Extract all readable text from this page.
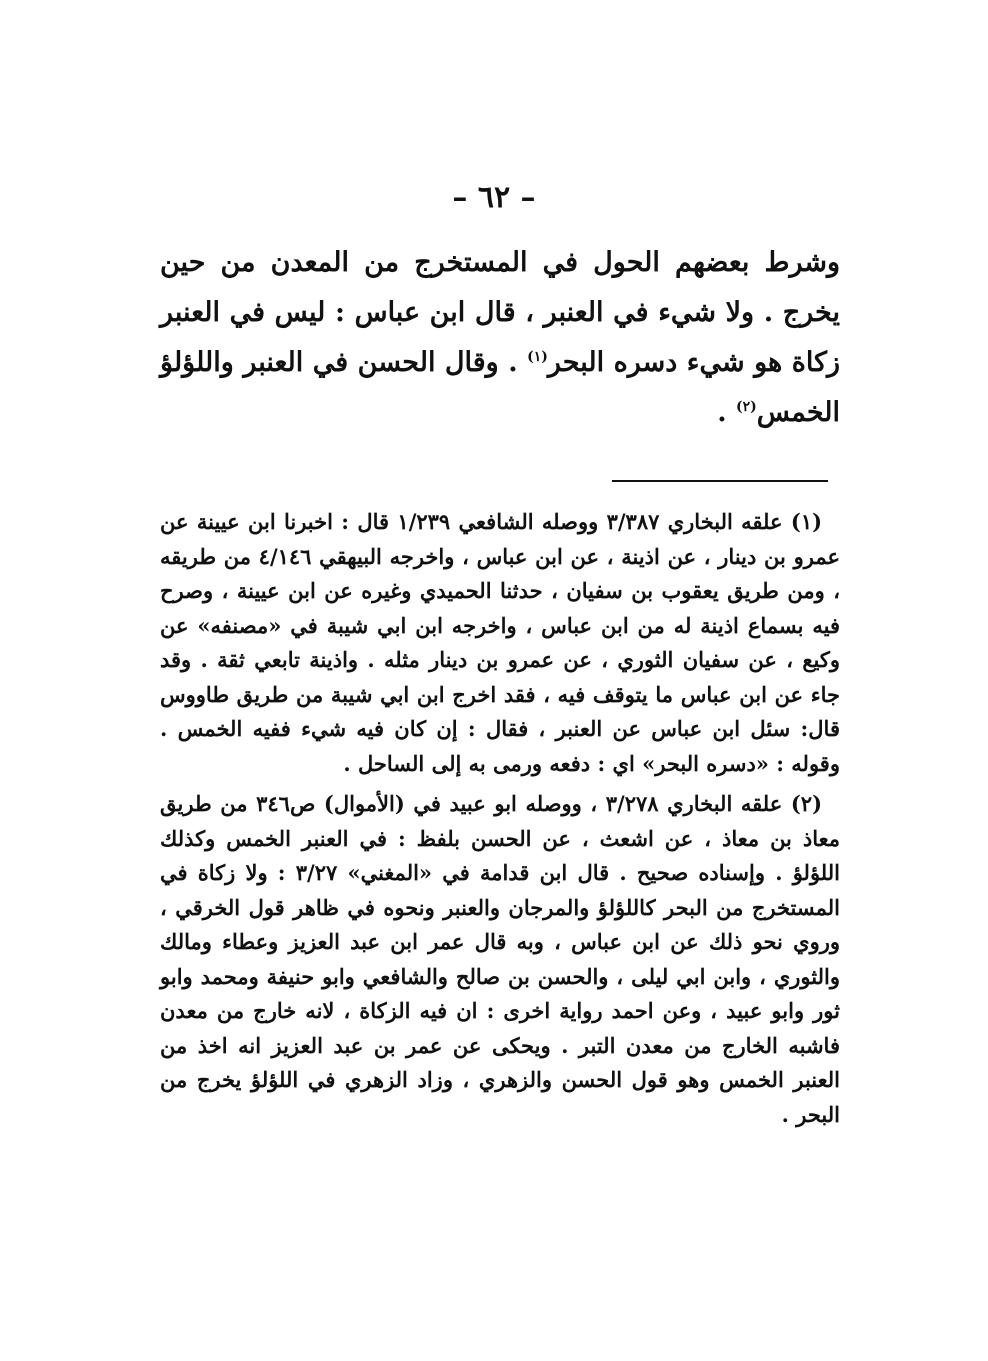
– ٦٢ –

وشرط بعضهم الحول في المستخرج من المعدن من حين يخرج . ولا شيء في العنبر ، قال ابن عباس : ليس في العنبر زكاة هو شيء دسره البحر$^{(١)}$ . وقال الحسن في العنبر واللؤلؤ الخمس$^{(٢)}$ .

(١) علقه البخاري ٣/٣٨٧ ووصله الشافعي ١/٢٣٩ قال : اخبرنا ابن عيينة عن عمرو بن دينار ، عن اذينة ، عن ابن عباس ، واخرجه البيهقي ٤/١٤٦ من طريقه ، ومن طريق يعقوب بن سفيان ، حدثنا الحميدي وغيره عن ابن عيينة ، وصرح فيه بسماع اذينة له من ابن عباس ، واخرجه ابن ابي شيبة في «مصنفه» عن وكيع ، عن سفيان الثوري ، عن عمرو بن دينار مثله . واذينة تابعي ثقة . وقد جاء عن ابن عباس ما يتوقف فيه ، فقد اخرج ابن ابي شيبة من طريق طاووس قال: سئل ابن عباس عن العنبر ، فقال : إن كان فيه شيء ففيه الخمس . وقوله : «دسره البحر» اي : دفعه ورمى به إلى الساحل .

(٢) علقه البخاري ٣/٢٧٨ ، ووصله ابو عبيد في (الأموال) ص٣٤٦ من طريق معاذ بن معاذ ، عن اشعث ، عن الحسن بلفظ : في العنبر الخمس وكذلك اللؤلؤ . وإسناده صحيح . قال ابن قدامة في «المغني» ٣/٢٧ : ولا زكاة في المستخرج من البحر كاللؤلؤ والمرجان والعنبر ونحوه في ظاهر قول الخرقي ، وروي نحو ذلك عن ابن عباس ، وبه قال عمر ابن عبد العزيز وعطاء ومالك والثوري ، وابن ابي ليلى ، والحسن بن صالح والشافعي وابو حنيفة ومحمد وابو ثور وابو عبيد ، وعن احمد رواية اخرى : ان فيه الزكاة ، لانه خارج من معدن فاشبه الخارج من معدن التبر . ويحكى عن عمر بن عبد العزيز انه اخذ من العنبر الخمس وهو قول الحسن والزهري ، وزاد الزهري في اللؤلؤ يخرج من البحر .
